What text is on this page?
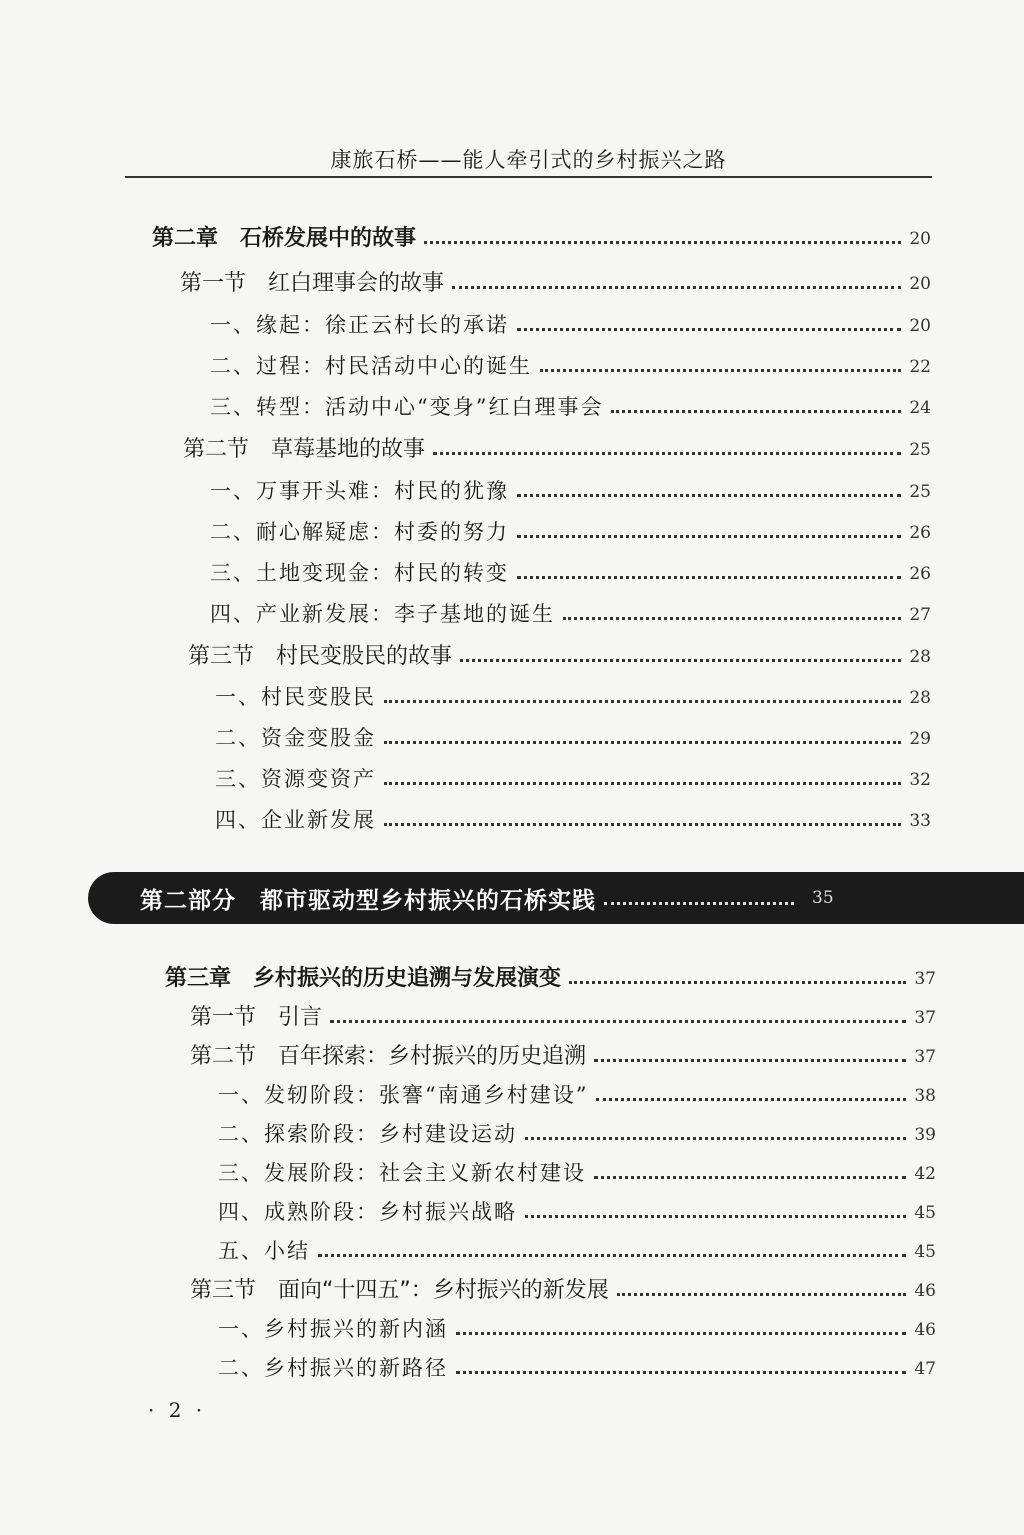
康旅石桥——能人牵引式的乡村振兴之路
第二章　石桥发展中的故事	20
第一节　红白理事会的故事	20
一、缘起：徐正云村长的承诺	20
二、过程：村民活动中心的诞生	22
三、转型：活动中心“变身”红白理事会	24
第二节　草莓基地的故事	25
一、万事开头难：村民的犹豫	25
二、耐心解疑虑：村委的努力	26
三、土地变现金：村民的转变	26
四、产业新发展：李子基地的诞生	27
第三节　村民变股民的故事	28
一、村民变股民	28
二、资金变股金	29
三、资源变资产	32
四、企业新发展	33
第二部分　都市驱动型乡村振兴的石桥实践	35
第三章　乡村振兴的历史追溯与发展演变	37
第一节　引言	37
第二节　百年探索：乡村振兴的历史追溯	37
一、发轫阶段：张謇“南通乡村建设”	38
二、探索阶段：乡村建设运动	39
三、发展阶段：社会主义新农村建设	42
四、成熟阶段：乡村振兴战略	45
五、小结	45
第三节　面向“十四五”：乡村振兴的新发展	46
一、乡村振兴的新内涵	46
二、乡村振兴的新路径	47
· 2 ·
